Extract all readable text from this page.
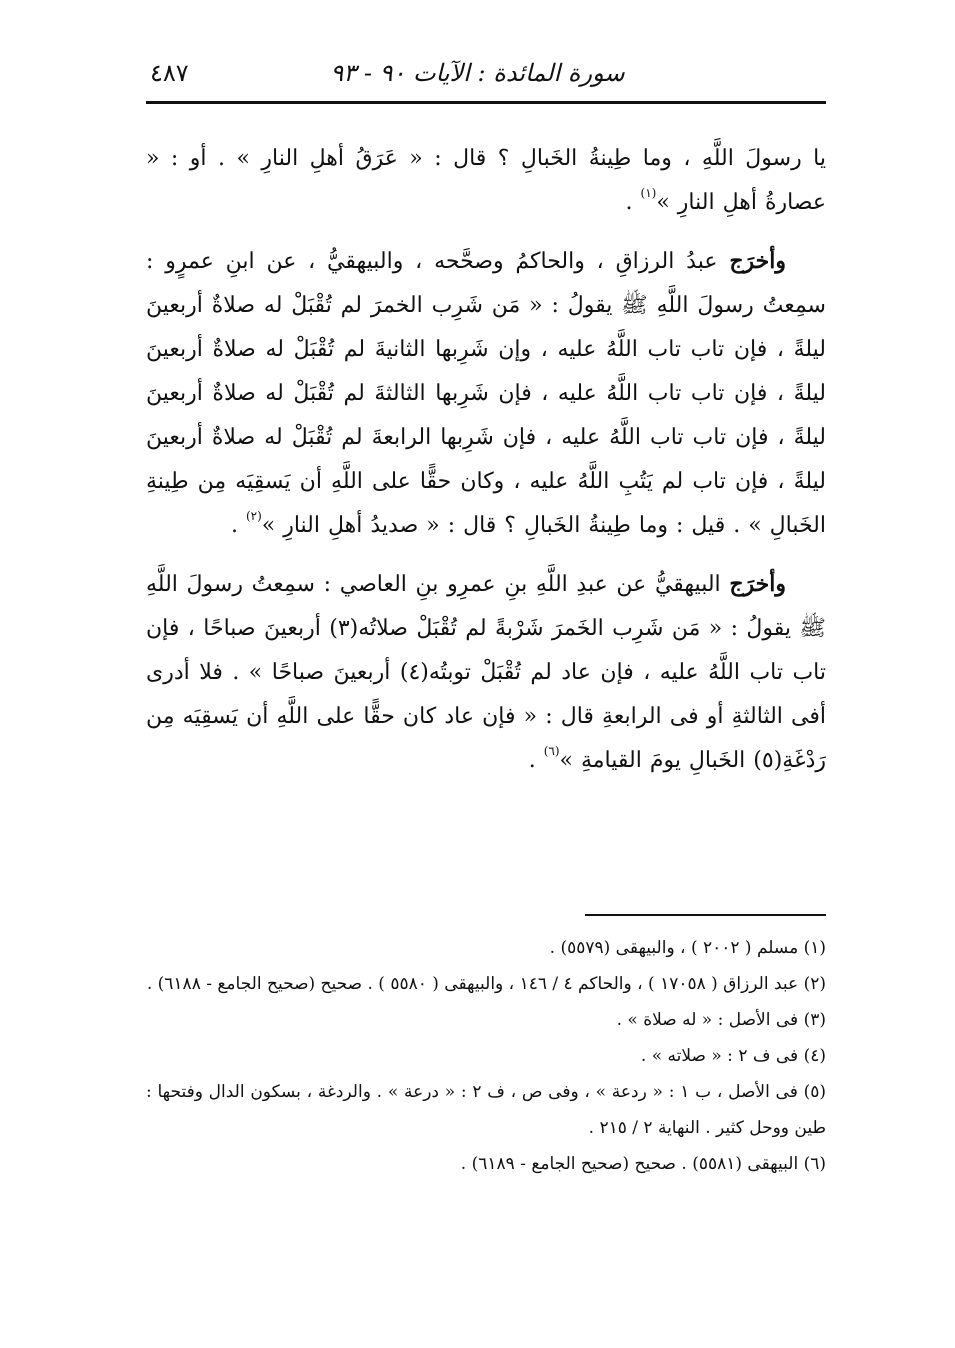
سورة المائدة : الآيات ٩٠ - ٩٣
٤٨٧

يا رسولَ اللَّهِ ، وما طِينةُ الخَبالِ ؟ قال : « عَرَقُ أهلِ النارِ » . أو : « عصارةُ أهلِ النارِ »$^{(١)}$ .

وأخرَج عبدُ الرزاقِ ، والحاكمُ وصحَّحه ، والبيهقيُّ ، عن ابنِ عمرٍو : سمِعتُ رسولَ اللَّهِ ﷺ يقولُ : « مَن شَرِب الخمرَ لم تُقْبَلْ له صلاةٌ أربعينَ ليلةً ، فإن تاب تاب اللَّهُ عليه ، وإن شَرِبها الثانيةَ لم تُقْبَلْ له صلاةٌ أربعينَ ليلةً ، فإن تاب تاب اللَّهُ عليه ، فإن شَرِبها الثالثةَ لم تُقْبَلْ له صلاةٌ أربعينَ ليلةً ، فإن تاب تاب اللَّهُ عليه ، فإن شَرِبها الرابعةَ لم تُقْبَلْ له صلاةٌ أربعينَ ليلةً ، فإن تاب لم يَتُبِ اللَّهُ عليه ، وكان حقًّا على اللَّهِ أن يَسقِيَه مِن طِينةِ الخَبالِ » . قيل : وما طِينةُ الخَبالِ ؟ قال : « صديدُ أهلِ النارِ »$^{(٢)}$ .

وأخرَج البيهقيُّ عن عبدِ اللَّهِ بنِ عمرِو بنِ العاصي : سمِعتُ رسولَ اللَّهِ ﷺ يقولُ : « مَن شَرِب الخَمرَ شَرْبةً لم تُقْبَلْ صلاتُه(٣) أربعينَ صباحًا ، فإن تاب تاب اللَّهُ عليه ، فإن عاد لم تُقْبَلْ توبتُه(٤) أربعينَ صباحًا » . فلا أدرى أفى الثالثةِ أو فى الرابعةِ قال : « فإن عاد كان حقًّا على اللَّهِ أن يَسقِيَه مِن رَدْغَةِ(٥) الخَبالِ يومَ القيامةِ »$^{(٦)}$ .

(١) مسلم ( ٢٠٠٢ ) ، والبيهقى (٥٥٧٩) .

(٢) عبد الرزاق ( ١٧٠٥٨ ) ، والحاكم ٤ / ١٤٦ ، والبيهقى ( ٥٥٨٠ ) . صحيح (صحيح الجامع - ٦١٨٨) .

(٣) فى الأصل : « له صلاة » .

(٤) فى ف ٢ : « صلاته » .

(٥) فى الأصل ، ب ١ : « ردعة » ، وفى ص ، ف ٢ : « درعة » . والردغة ، بسكون الدال وفتحها : طين ووحل كثير . النهاية ٢ / ٢١٥ .

(٦) البيهقى (٥٥٨١) . صحيح (صحيح الجامع - ٦١٨٩) .
